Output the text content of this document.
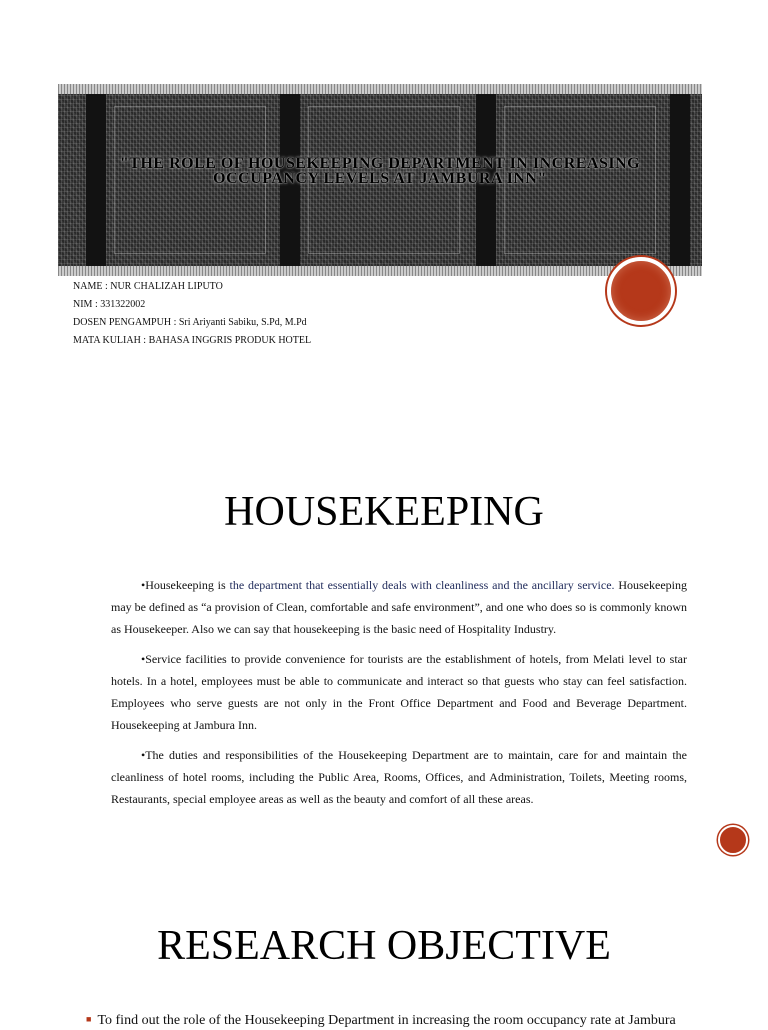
"THE ROLE OF HOUSEKEEPING DEPARTMENT IN INCREASING OCCUPANCY LEVELS AT JAMBURA INN"
NAME : NUR CHALIZAH LIPUTO
NIM : 331322002
DOSEN PENGAMPUH : Sri Ariyanti Sabiku, S.Pd, M.Pd
MATA KULIAH : BAHASA INGGRIS PRODUK HOTEL
HOUSEKEEPING
•Housekeeping is the department that essentially deals with cleanliness and the ancillary service. Housekeeping may be defined as “a provision of Clean, comfortable and safe environment”, and one who does so is commonly known as Housekeeper. Also we can say that housekeeping is the basic need of Hospitality Industry.
•Service facilities to provide convenience for tourists are the establishment of hotels, from Melati level to star hotels. In a hotel, employees must be able to communicate and interact so that guests who stay can feel satisfaction. Employees who serve guests are not only in the Front Office Department and Food and Beverage Department. Housekeeping at Jambura Inn.
•The duties and responsibilities of the Housekeeping Department are to maintain, care for and maintain the cleanliness of hotel rooms, including the Public Area, Rooms, Offices, and Administration, Toilets, Meeting rooms, Restaurants, special employee areas as well as the beauty and comfort of all these areas.
RESEARCH OBJECTIVE
■ To find out the role of the Housekeeping Department in increasing the room occupancy rate at Jambura
